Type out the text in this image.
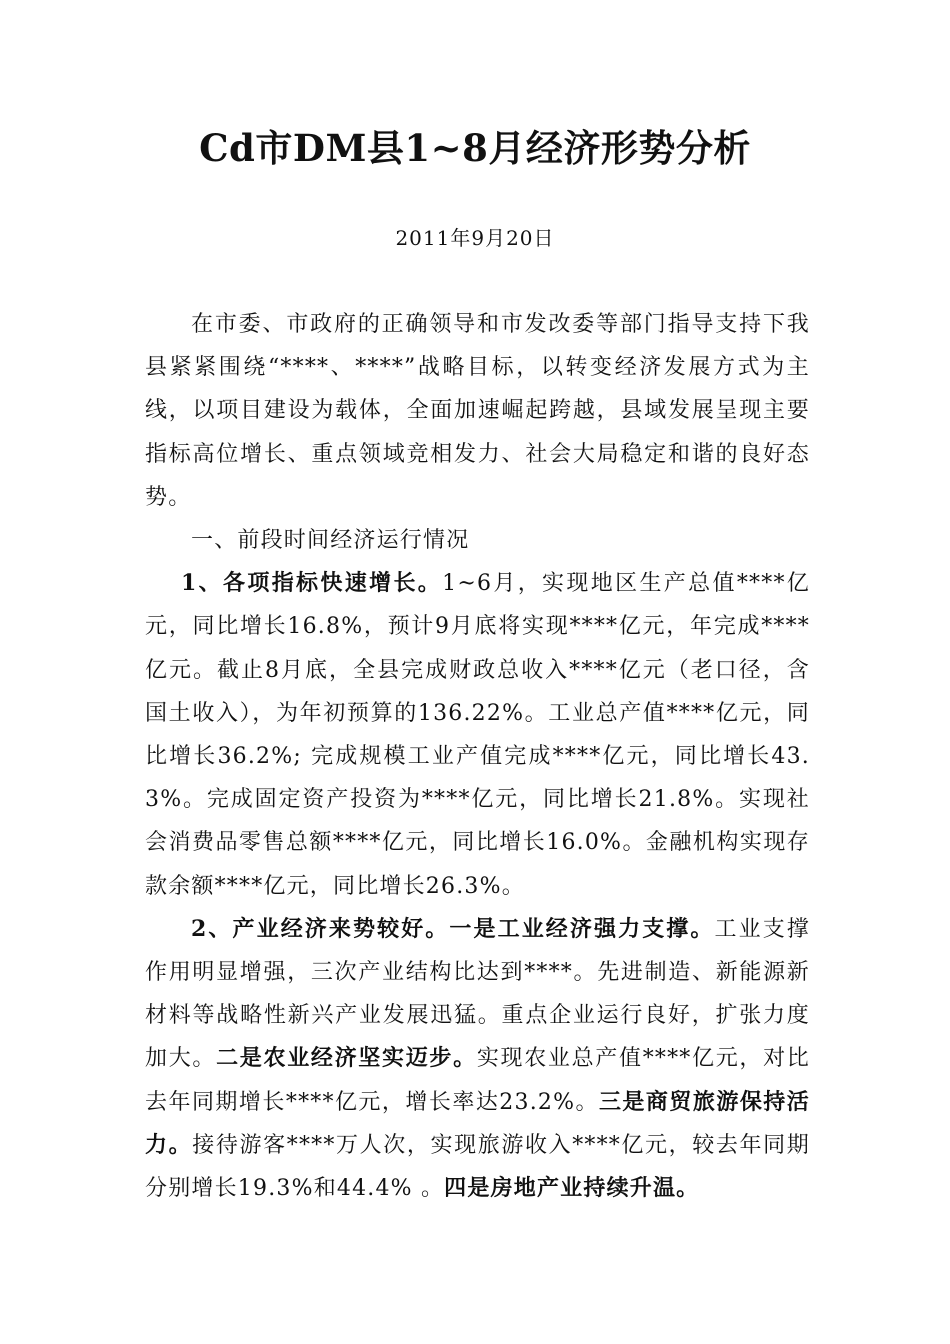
Cd市DM县1~8月经济形势分析
2011年9月20日

在市委、市政府的正确领导和市发改委等部门指导支持下我县紧紧围绕“****、****”战略目标，以转变经济发展方式为主线，以项目建设为载体，全面加速崛起跨越，县域发展呈现主要指标高位增长、重点领域竞相发力、社会大局稳定和谐的良好态势。

一、前段时间经济运行情况

1、各项指标快速增长。1~6月，实现地区生产总值****亿元，同比增长16.8%，预计9月底将实现****亿元，年完成****亿元。截止8月底，全县完成财政总收入****亿元（老口径，含国土收入），为年初预算的136.22%。工业总产值****亿元，同比增长36.2%; 完成规模工业产值完成****亿元，同比增长43.3%。完成固定资产投资为****亿元，同比增长21.8%。实现社会消费品零售总额****亿元，同比增长16.0%。金融机构实现存款余额****亿元，同比增长26.3%。

2、产业经济来势较好。一是工业经济强力支撑。工业支撑作用明显增强，三次产业结构比达到****。先进制造、新能源新材料等战略性新兴产业发展迅猛。重点企业运行良好，扩张力度加大。二是农业经济坚实迈步。实现农业总产值****亿元，对比去年同期增长****亿元，增长率达23.2%。三是商贸旅游保持活力。接待游客****万人次，实现旅游收入****亿元，较去年同期分别增长19.3%和44.4% 。四是房地产业持续升温。
